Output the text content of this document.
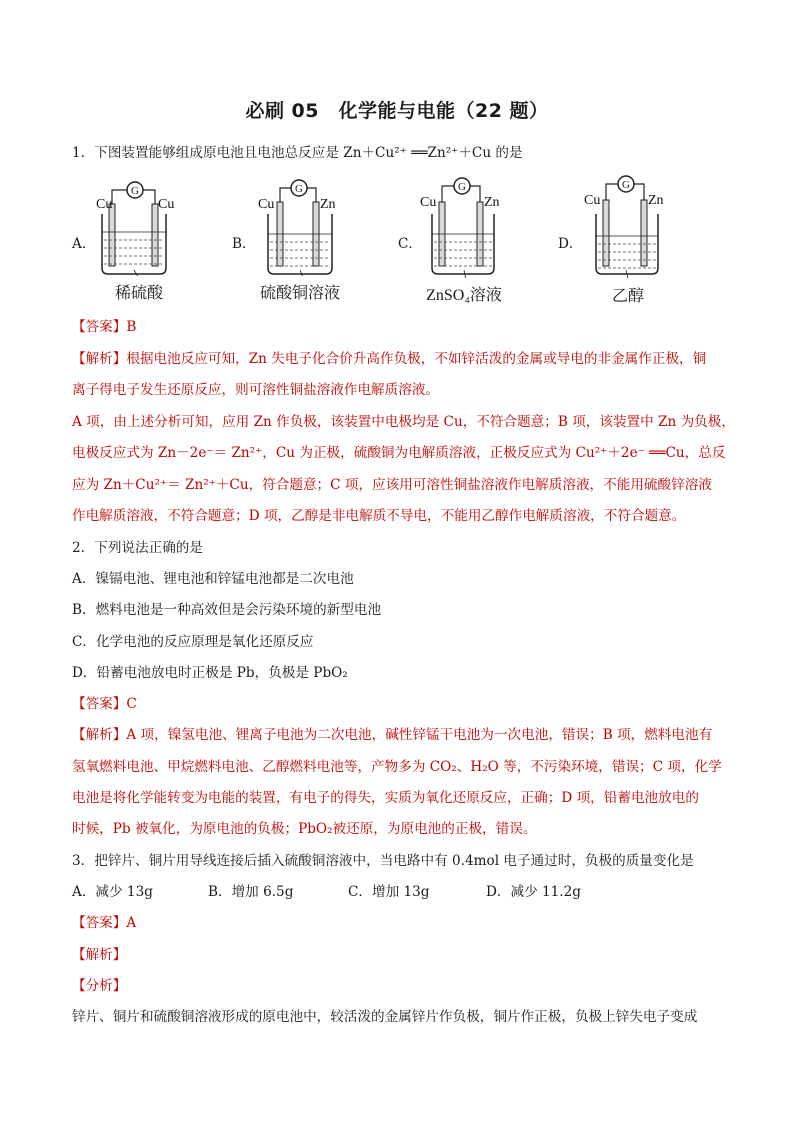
必刷 05　化学能与电能（22 题）
1．下图装置能够组成原电池且电池总反应是 Zn＋Cu²⁺ ══Zn²⁺＋Cu 的是
A．
G
Cu	Cu
稀硫酸
B．
G
Cu	Zn
硫酸铜溶液
C．
G
Cu	Zn
ZnSO₄溶液
D．
G
Cu	Zn
乙醇
【答案】B
【解析】根据电池反应可知，Zn 失电子化合价升高作负极，不如锌活泼的金属或导电的非金属作正极，铜
离子得电子发生还原反应，则可溶性铜盐溶液作电解质溶液。
A 项，由上述分析可知，应用 Zn 作负极，该装置中电极均是 Cu，不符合题意；B 项，该装置中 Zn 为负极，
电极反应式为 Zn－2e⁻＝ Zn²⁺，Cu 为正极，硫酸铜为电解质溶液，正极反应式为 Cu²⁺＋2e⁻ ══Cu，总反
应为 Zn＋Cu²⁺＝ Zn²⁺＋Cu，符合题意；C 项，应该用可溶性铜盐溶液作电解质溶液，不能用硫酸锌溶液
作电解质溶液，不符合题意；D 项，乙醇是非电解质不导电，不能用乙醇作电解质溶液，不符合题意。
2．下列说法正确的是
A．镍镉电池、锂电池和锌锰电池都是二次电池
B．燃料电池是一种高效但是会污染环境的新型电池
C．化学电池的反应原理是氧化还原反应
D．铅蓄电池放电时正极是 Pb，负极是 PbO₂
【答案】C
【解析】A 项，镍氢电池、锂离子电池为二次电池，碱性锌锰干电池为一次电池，错误；B 项，燃料电池有
氢氧燃料电池、甲烷燃料电池、乙醇燃料电池等，产物多为 CO₂、H₂O 等，不污染环境，错误；C 项，化学
电池是将化学能转变为电能的装置，有电子的得失，实质为氧化还原反应，正确；D 项，铅蓄电池放电的
时候，Pb 被氧化，为原电池的负极；PbO₂被还原，为原电池的正极，错误。
3．把锌片、铜片用导线连接后插入硫酸铜溶液中，当电路中有 0.4mol 电子通过时，负极的质量变化是
A．减少 13g	B．增加 6.5g	C．增加 13g	D．减少 11.2g
【答案】A
【解析】
【分析】
锌片、铜片和硫酸铜溶液形成的原电池中，较活泼的金属锌片作负极，铜片作正极，负极上锌失电子变成
